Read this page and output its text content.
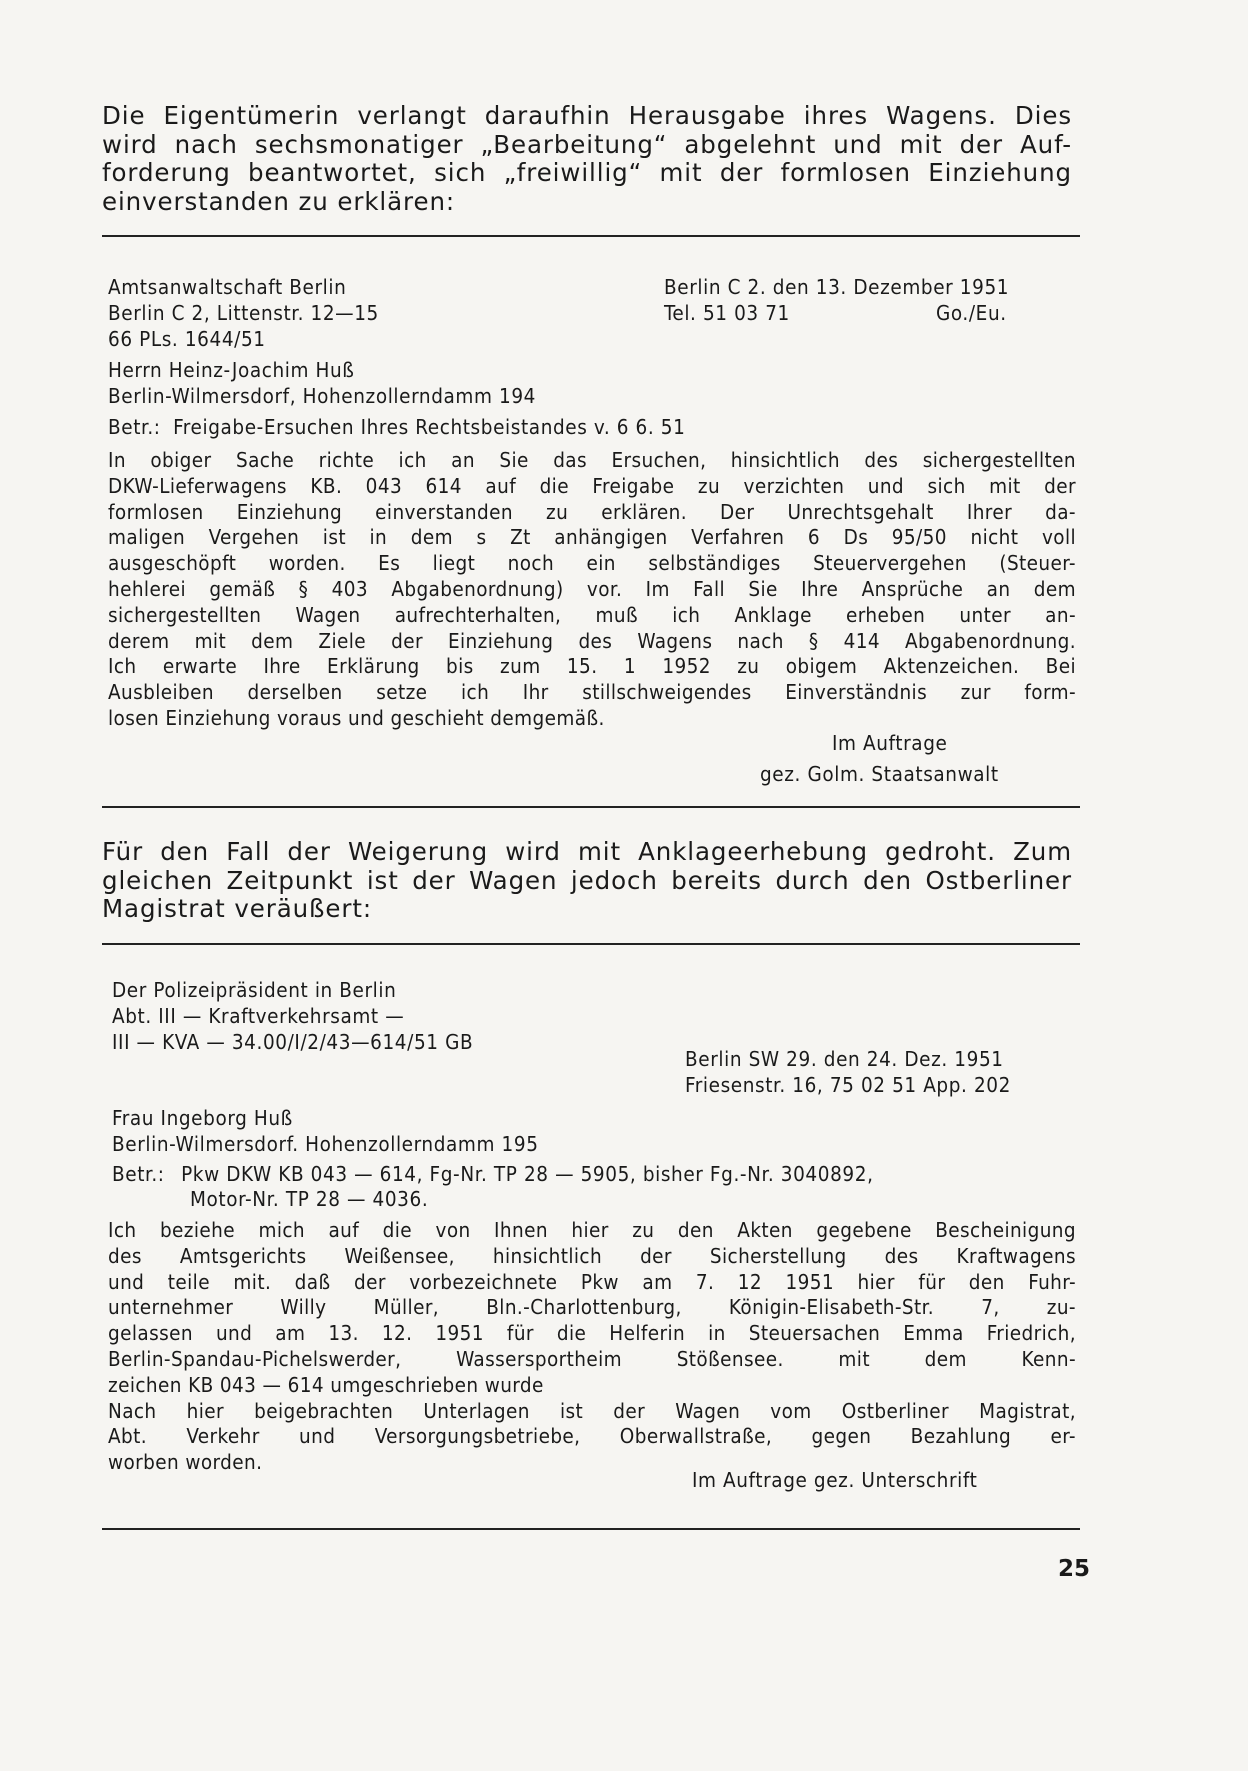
Die Eigentümerin verlangt daraufhin Herausgabe ihres Wagens. Dies
wird nach sechsmonatiger „Bearbeitung“ abgelehnt und mit der Auf-
forderung beantwortet, sich „freiwillig“ mit der formlosen Einziehung
einverstanden zu erklären:
Amtsanwaltschaft Berlin
Berlin C 2, Littenstr. 12—15
66 PLs. 1644/51
Berlin C 2. den 13. Dezember 1951
Tel. 51 03 71	Go./Eu.
Herrn Heinz-Joachim Huß
Berlin-Wilmersdorf, Hohenzollerndamm 194
Betr.: Freigabe-Ersuchen Ihres Rechtsbeistandes v. 6 6. 51
In obiger Sache richte ich an Sie das Ersuchen, hinsichtlich des sichergestellten
DKW-Lieferwagens KB. 043 614 auf die Freigabe zu verzichten und sich mit der
formlosen Einziehung einverstanden zu erklären. Der Unrechtsgehalt Ihrer da-
maligen Vergehen ist in dem s Zt anhängigen Verfahren 6 Ds 95/50 nicht voll
ausgeschöpft worden. Es liegt noch ein selbständiges Steuervergehen (Steuer-
hehlerei gemäß § 403 Abgabenordnung) vor. Im Fall Sie Ihre Ansprüche an dem
sichergestellten Wagen aufrechterhalten, muß ich Anklage erheben unter an-
derem mit dem Ziele der Einziehung des Wagens nach § 414 Abgabenordnung.
Ich erwarte Ihre Erklärung bis zum 15. 1 1952 zu obigem Aktenzeichen. Bei
Ausbleiben derselben setze ich Ihr stillschweigendes Einverständnis zur form-
losen Einziehung voraus und geschieht demgemäß.
Im Auftrage
gez. Golm. Staatsanwalt
Für den Fall der Weigerung wird mit Anklageerhebung gedroht. Zum
gleichen Zeitpunkt ist der Wagen jedoch bereits durch den Ostberliner
Magistrat veräußert:
Der Polizeipräsident in Berlin
Abt. III — Kraftverkehrsamt —
III — KVA — 34.00/I/2/43—614/51 GB
Berlin SW 29. den 24. Dez. 1951
Friesenstr. 16, 75 02 51 App. 202
Frau Ingeborg Huß
Berlin-Wilmersdorf. Hohenzollerndamm 195
Betr.: Pkw DKW KB 043 — 614, Fg-Nr. TP 28 — 5905, bisher Fg.-Nr. 3040892,
Motor-Nr. TP 28 — 4036.
Ich beziehe mich auf die von Ihnen hier zu den Akten gegebene Bescheinigung
des Amtsgerichts Weißensee, hinsichtlich der Sicherstellung des Kraftwagens
und teile mit. daß der vorbezeichnete Pkw am 7. 12 1951 hier für den Fuhr-
unternehmer Willy Müller, Bln.-Charlottenburg, Königin-Elisabeth-Str. 7, zu-
gelassen und am 13. 12. 1951 für die Helferin in Steuersachen Emma Friedrich,
Berlin-Spandau-Pichelswerder, Wassersportheim Stößensee. mit dem Kenn-
zeichen KB 043 — 614 umgeschrieben wurde
Nach hier beigebrachten Unterlagen ist der Wagen vom Ostberliner Magistrat,
Abt. Verkehr und Versorgungsbetriebe, Oberwallstraße, gegen Bezahlung er-
worben worden.
Im Auftrage gez. Unterschrift
25
